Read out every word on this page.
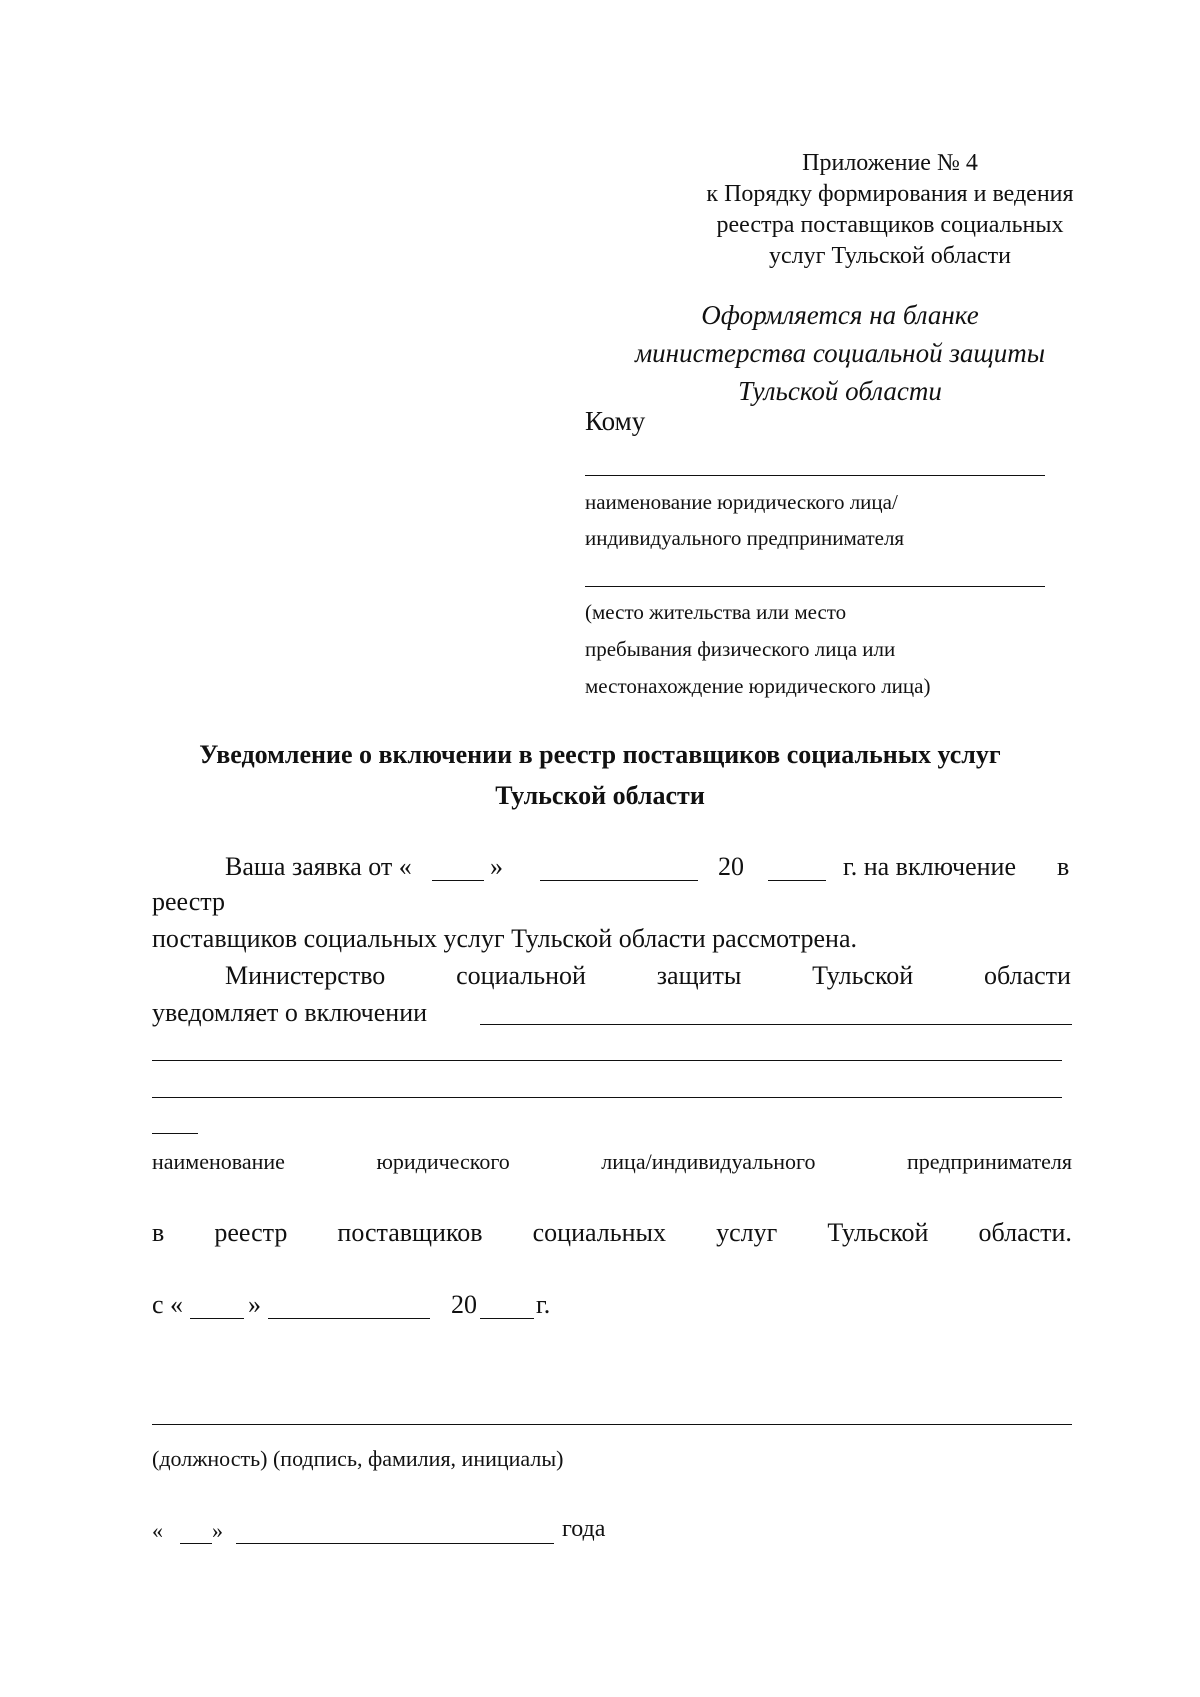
Приложение № 4
к Порядку формирования и ведения
реестра поставщиков социальных
услуг Тульской области
Оформляется на бланке
министерства социальной защиты
Тульской области
Кому
наименование юридического лица/
индивидуального предпринимателя
(место жительства или место
пребывания физического лица или
местонахождение юридического лица)
Уведомление о включении в реестр поставщиков социальных услуг
Тульской области
Ваша заявка от «	»	20	г. на включение в
реестр
поставщиков социальных услуг Тульской области рассмотрена.
Министерство	социальной	защиты	Тульской	области
уведомляет о включении
наименование	юридического	лица/индивидуального	предпринимателя
в реестр поставщиков социальных услуг Тульской области.
с « »	20 г.
(должность) (подпись, фамилия, инициалы)
« »	года
